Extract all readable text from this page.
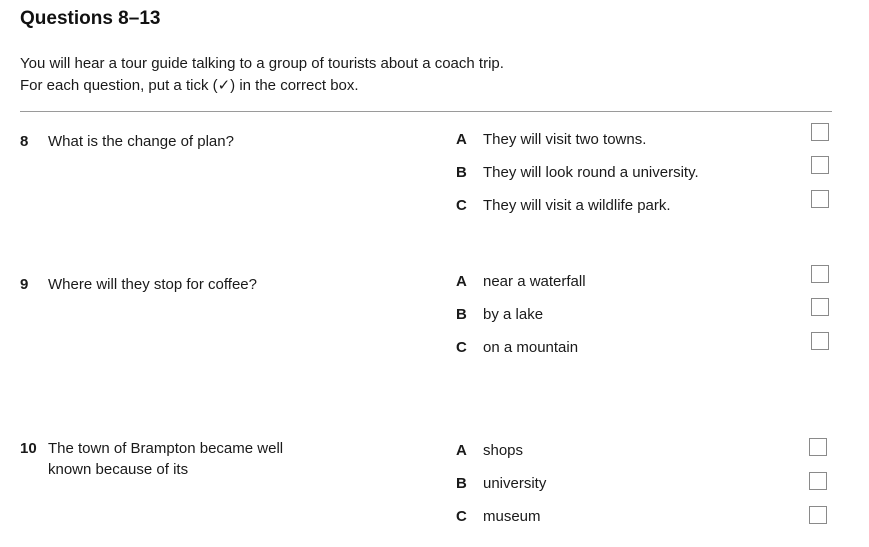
Questions 8–13
You will hear a tour guide talking to a group of tourists about a coach trip.
For each question, put a tick (✓) in the correct box.
8 What is the change of plan?	A They will visit two towns.
B They will look round a university.
C They will visit a wildlife park.
9 Where will they stop for coffee?	A near a waterfall
B by a lake
C on a mountain
10 The town of Brampton became well
known because of its
A shops
B university
C museum
